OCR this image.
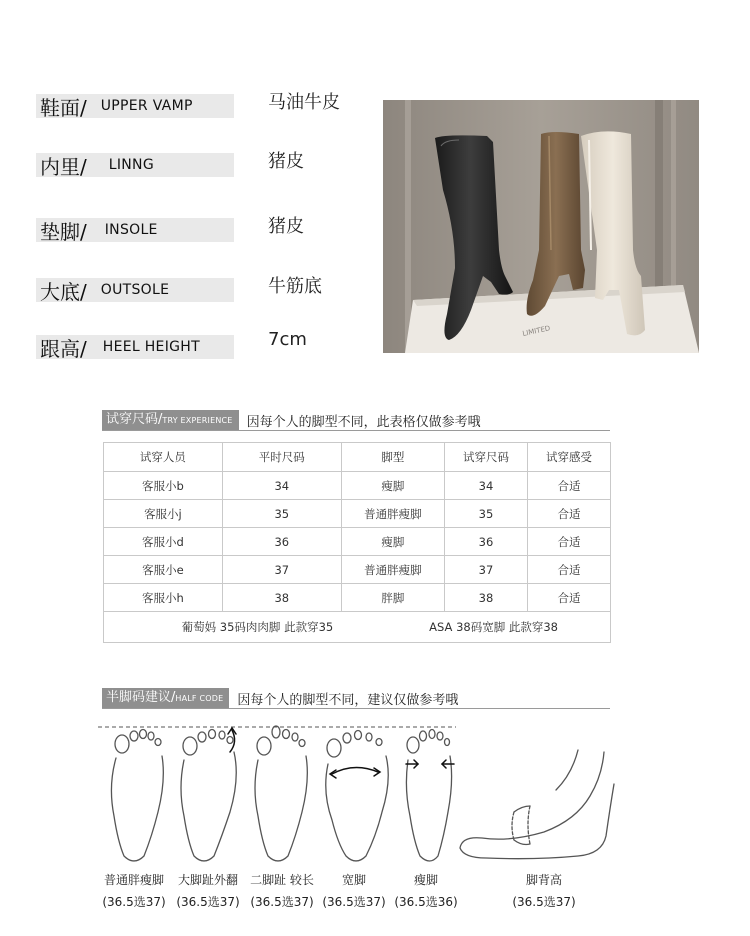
鞋面/ UPPER VAMP	马油牛皮
内里/ LINNG	猪皮
垫脚/ INSOLE	猪皮
大底/ OUTSOLE	牛筋底
跟高/ HEEL HEIGHT	7cm	LIMITED
试穿尺码/TRY EXPERIENCE	因每个人的脚型不同，此表格仅做参考哦
试穿人员	平时尺码	脚型	试穿尺码	试穿感受
客服小b	34	瘦脚	34	合适
客服小j	35	普通胖瘦脚	35	合适
客服小d	36	瘦脚	36	合适
客服小e	37	普通胖瘦脚	37	合适
客服小h	38	胖脚	38	合适
葡萄妈 35码肉肉脚 此款穿35		ASA 38码宽脚 此款穿38		
半脚码建议/HALF CODE	因每个人的脚型不同，建议仅做参考哦
普通胖瘦脚	大脚趾外翻	二脚趾 较长	宽脚	瘦脚	脚背高
(36.5选37) (36.5选37) (36.5选37) (36.5选37) (36.5选36)	(36.5选37)
